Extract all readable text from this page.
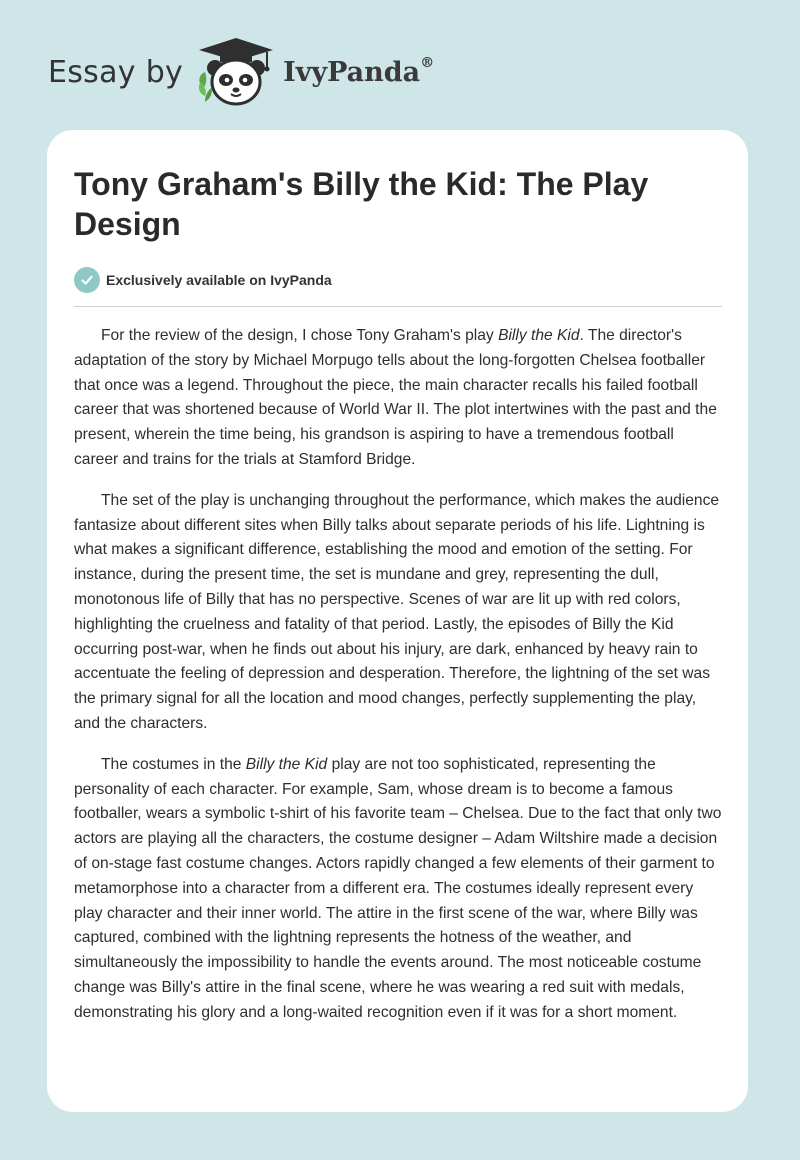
Essay by	IvyPanda®
Tony Graham's Billy the Kid: The Play Design
Exclusively available on IvyPanda

For the review of the design, I chose Tony Graham's play Billy the Kid. The director's adaptation of the story by Michael Morpugo tells about the long-forgotten Chelsea footballer that once was a legend. Throughout the piece, the main character recalls his failed football career that was shortened because of World War II. The plot intertwines with the past and the present, wherein the time being, his grandson is aspiring to have a tremendous football career and trains for the trials at Stamford Bridge.

The set of the play is unchanging throughout the performance, which makes the audience fantasize about different sites when Billy talks about separate periods of his life. Lightning is what makes a significant difference, establishing the mood and emotion of the setting. For instance, during the present time, the set is mundane and grey, representing the dull, monotonous life of Billy that has no perspective. Scenes of war are lit up with red colors, highlighting the cruelness and fatality of that period. Lastly, the episodes of Billy the Kid occurring post-war, when he finds out about his injury, are dark, enhanced by heavy rain to accentuate the feeling of depression and desperation. Therefore, the lightning of the set was the primary signal for all the location and mood changes, perfectly supplementing the play, and the characters.

The costumes in the Billy the Kid play are not too sophisticated, representing the personality of each character. For example, Sam, whose dream is to become a famous footballer, wears a symbolic t-shirt of his favorite team – Chelsea. Due to the fact that only two actors are playing all the characters, the costume designer – Adam Wiltshire made a decision of on-stage fast costume changes. Actors rapidly changed a few elements of their garment to metamorphose into a character from a different era. The costumes ideally represent every play character and their inner world. The attire in the first scene of the war, where Billy was captured, combined with the lightning represents the hotness of the weather, and simultaneously the impossibility to handle the events around. The most noticeable costume change was Billy's attire in the final scene, where he was wearing a red suit with medals, demonstrating his glory and a long-waited recognition even if it was for a short moment.
